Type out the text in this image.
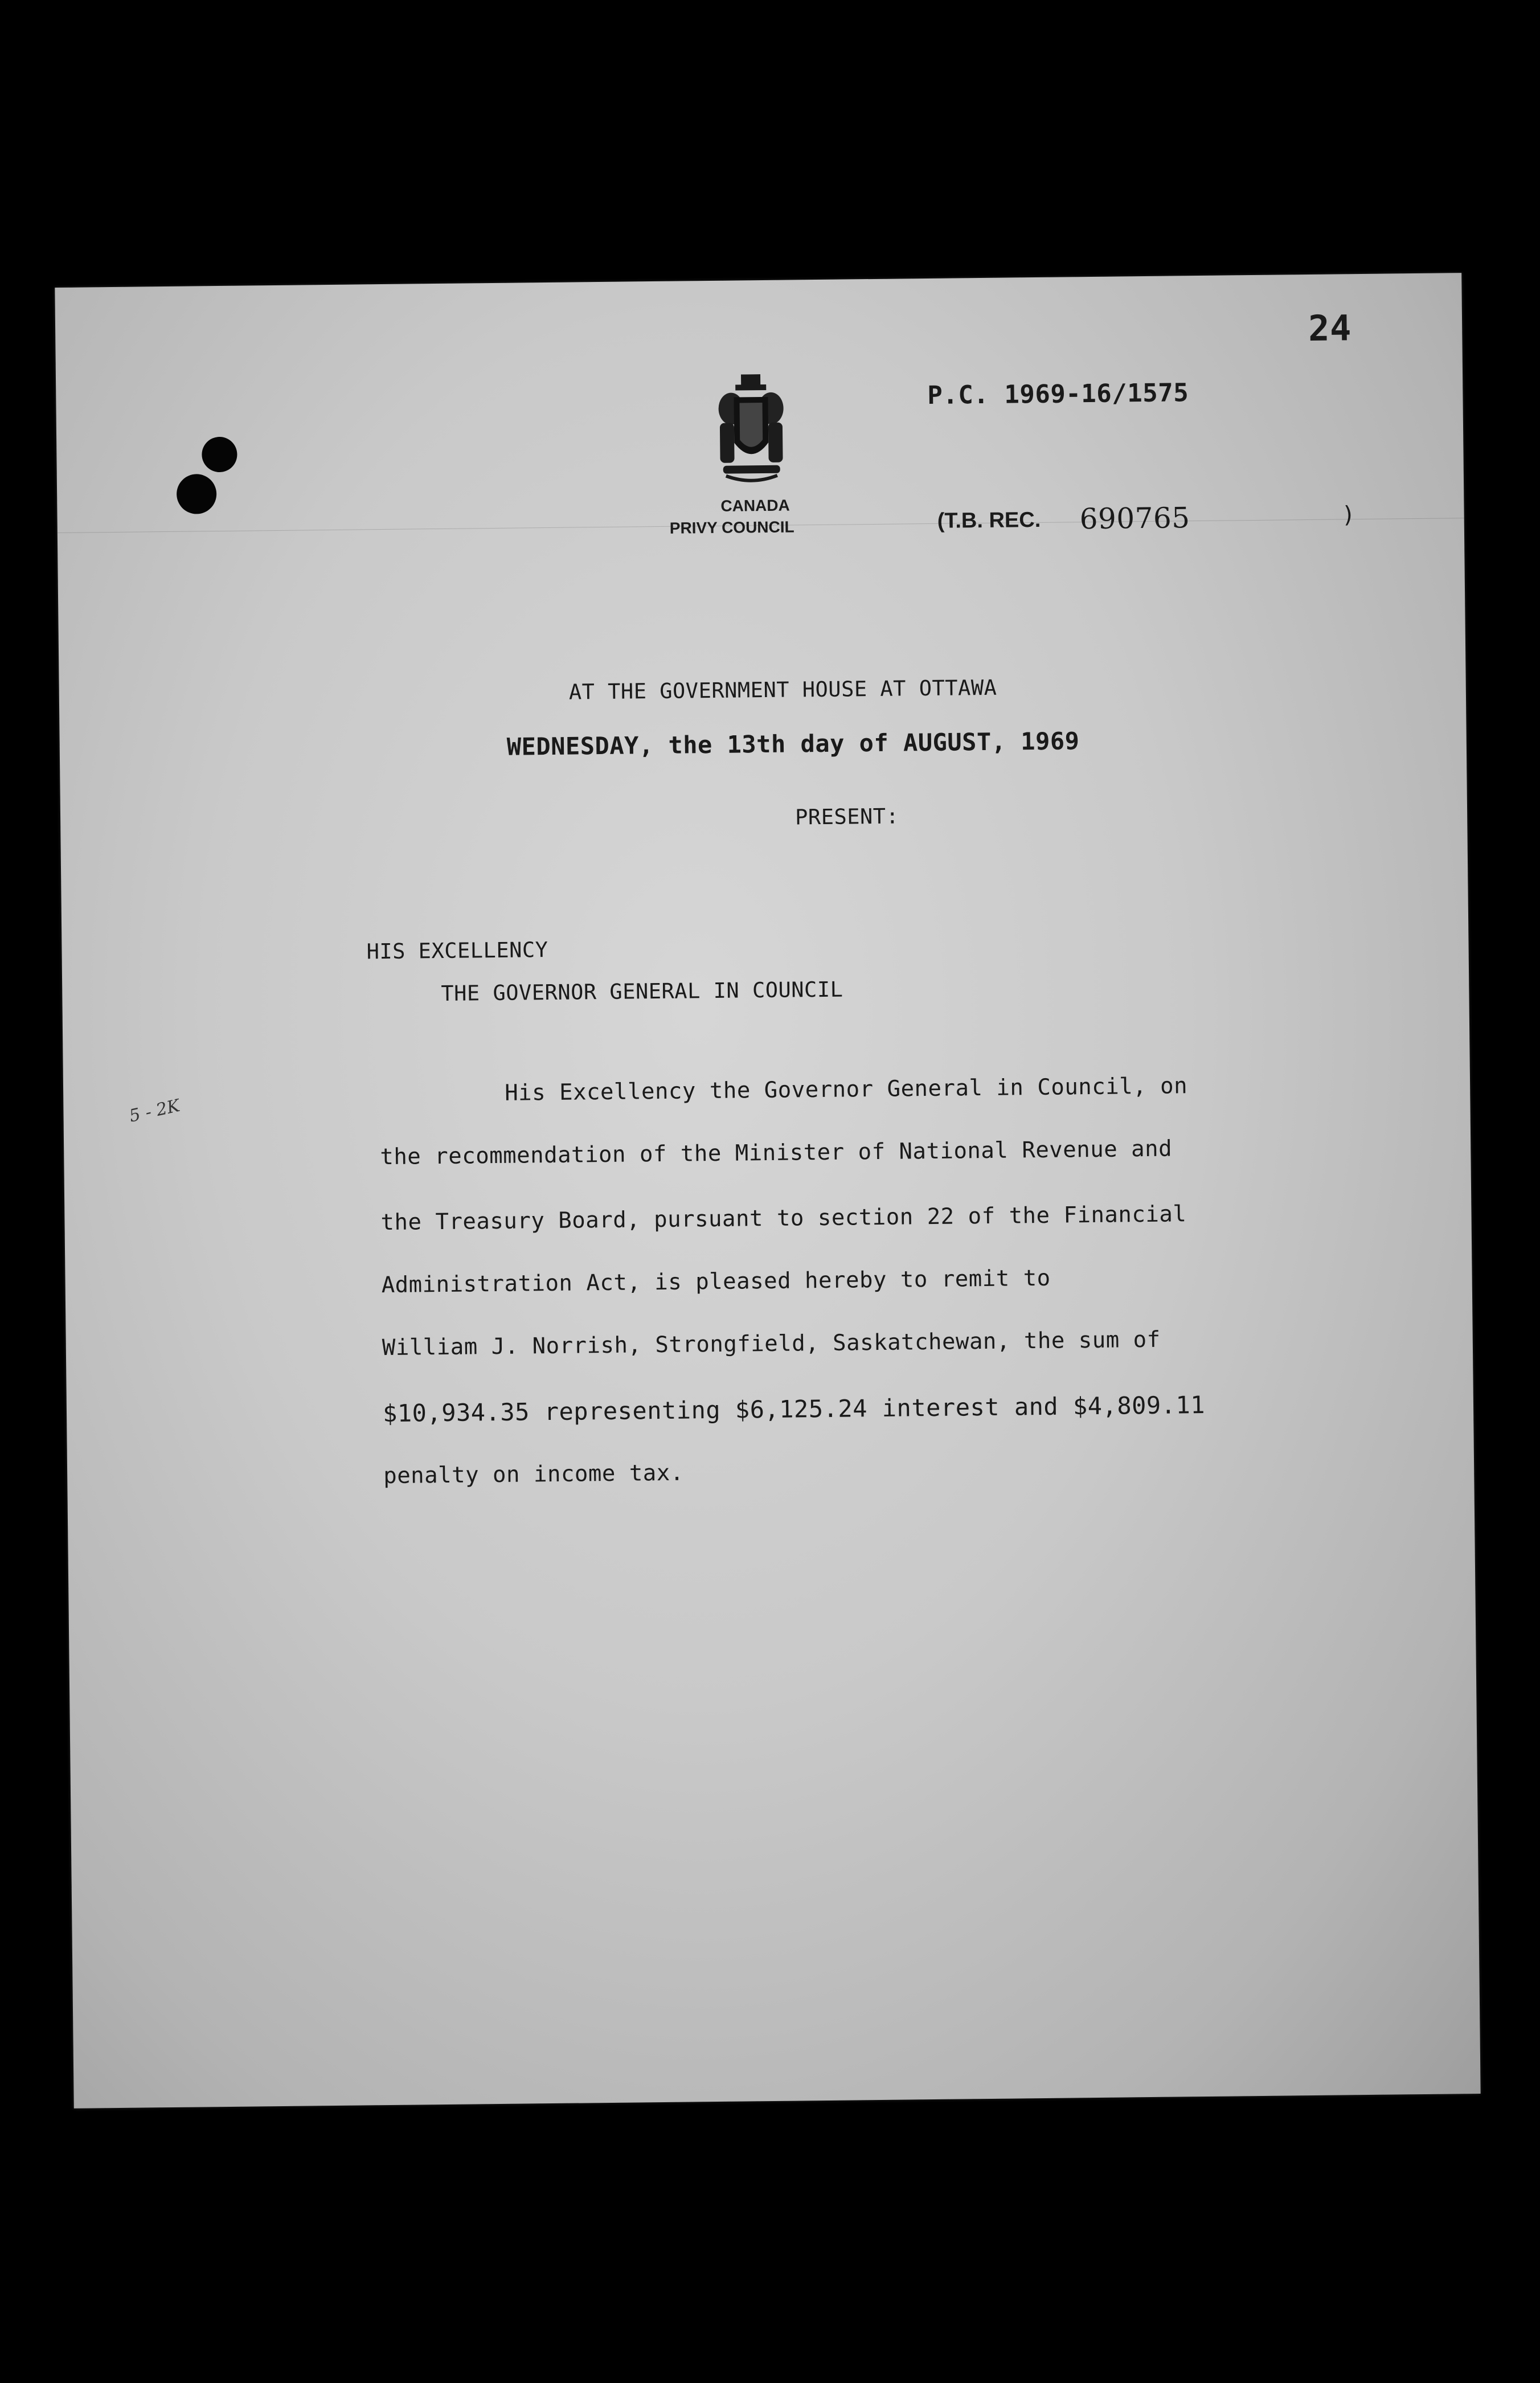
24
CANADA
PRIVY COUNCIL
P.C. 1969-16/1575
(T.B. REC. 690765	)
AT THE GOVERNMENT HOUSE AT OTTAWA
WEDNESDAY, the 13th day of AUGUST, 1969
PRESENT:
HIS EXCELLENCY
THE GOVERNOR GENERAL IN COUNCIL
5 - 2K
His Excellency the Governor General in Council, on
the recommendation of the Minister of National Revenue and
the Treasury Board, pursuant to section 22 of the Financial
Administration Act, is pleased hereby to remit to
William J. Norrish, Strongfield, Saskatchewan, the sum of
$10,934.35 representing $6,125.24 interest and $4,809.11
penalty on income tax.
